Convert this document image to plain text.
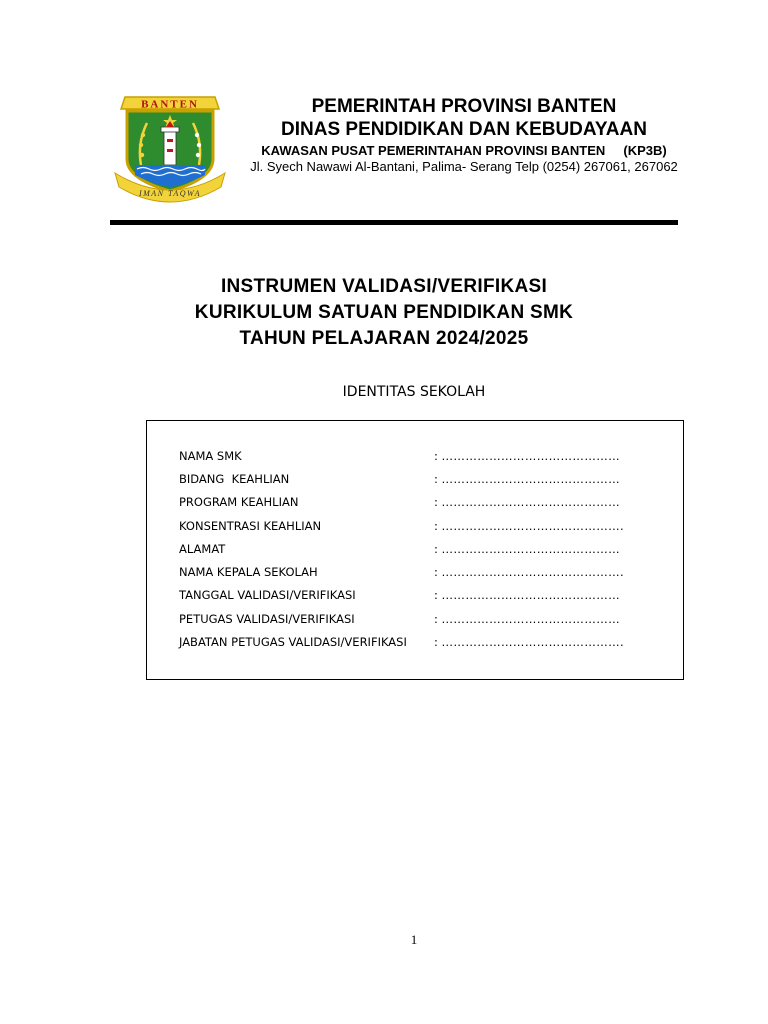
BANTEN
IMAN TAQWA
PEMERINTAH PROVINSI BANTEN
DINAS PENDIDIKAN DAN KEBUDAYAAN
KAWASAN PUSAT PEMERINTAHAN PROVINSI BANTEN (KP3B)
Jl. Syech Nawawi Al-Bantani, Palima- Serang Telp (0254) 267061, 267062
INSTRUMEN VALIDASI/VERIFIKASI
KURIKULUM SATUAN PENDIDIKAN SMK
TAHUN PELAJARAN 2024/2025
IDENTITAS SEKOLAH
NAMA SMK	:
………………………………………
BIDANG  KEAHLIAN	:
………………………………………
PROGRAM KEAHLIAN	:
………………………………………
KONSENTRASI KEAHLIAN	:
……………………………………….
ALAMAT	:
………………………………………
NAMA KEPALA SEKOLAH	:
……………………………………….
TANGGAL VALIDASI/VERIFIKASI	:
………………………………………
PETUGAS VALIDASI/VERIFIKASI	:
………………………………………
JABATAN PETUGAS VALIDASI/VERIFIKASI	:
……………………………………….
1
